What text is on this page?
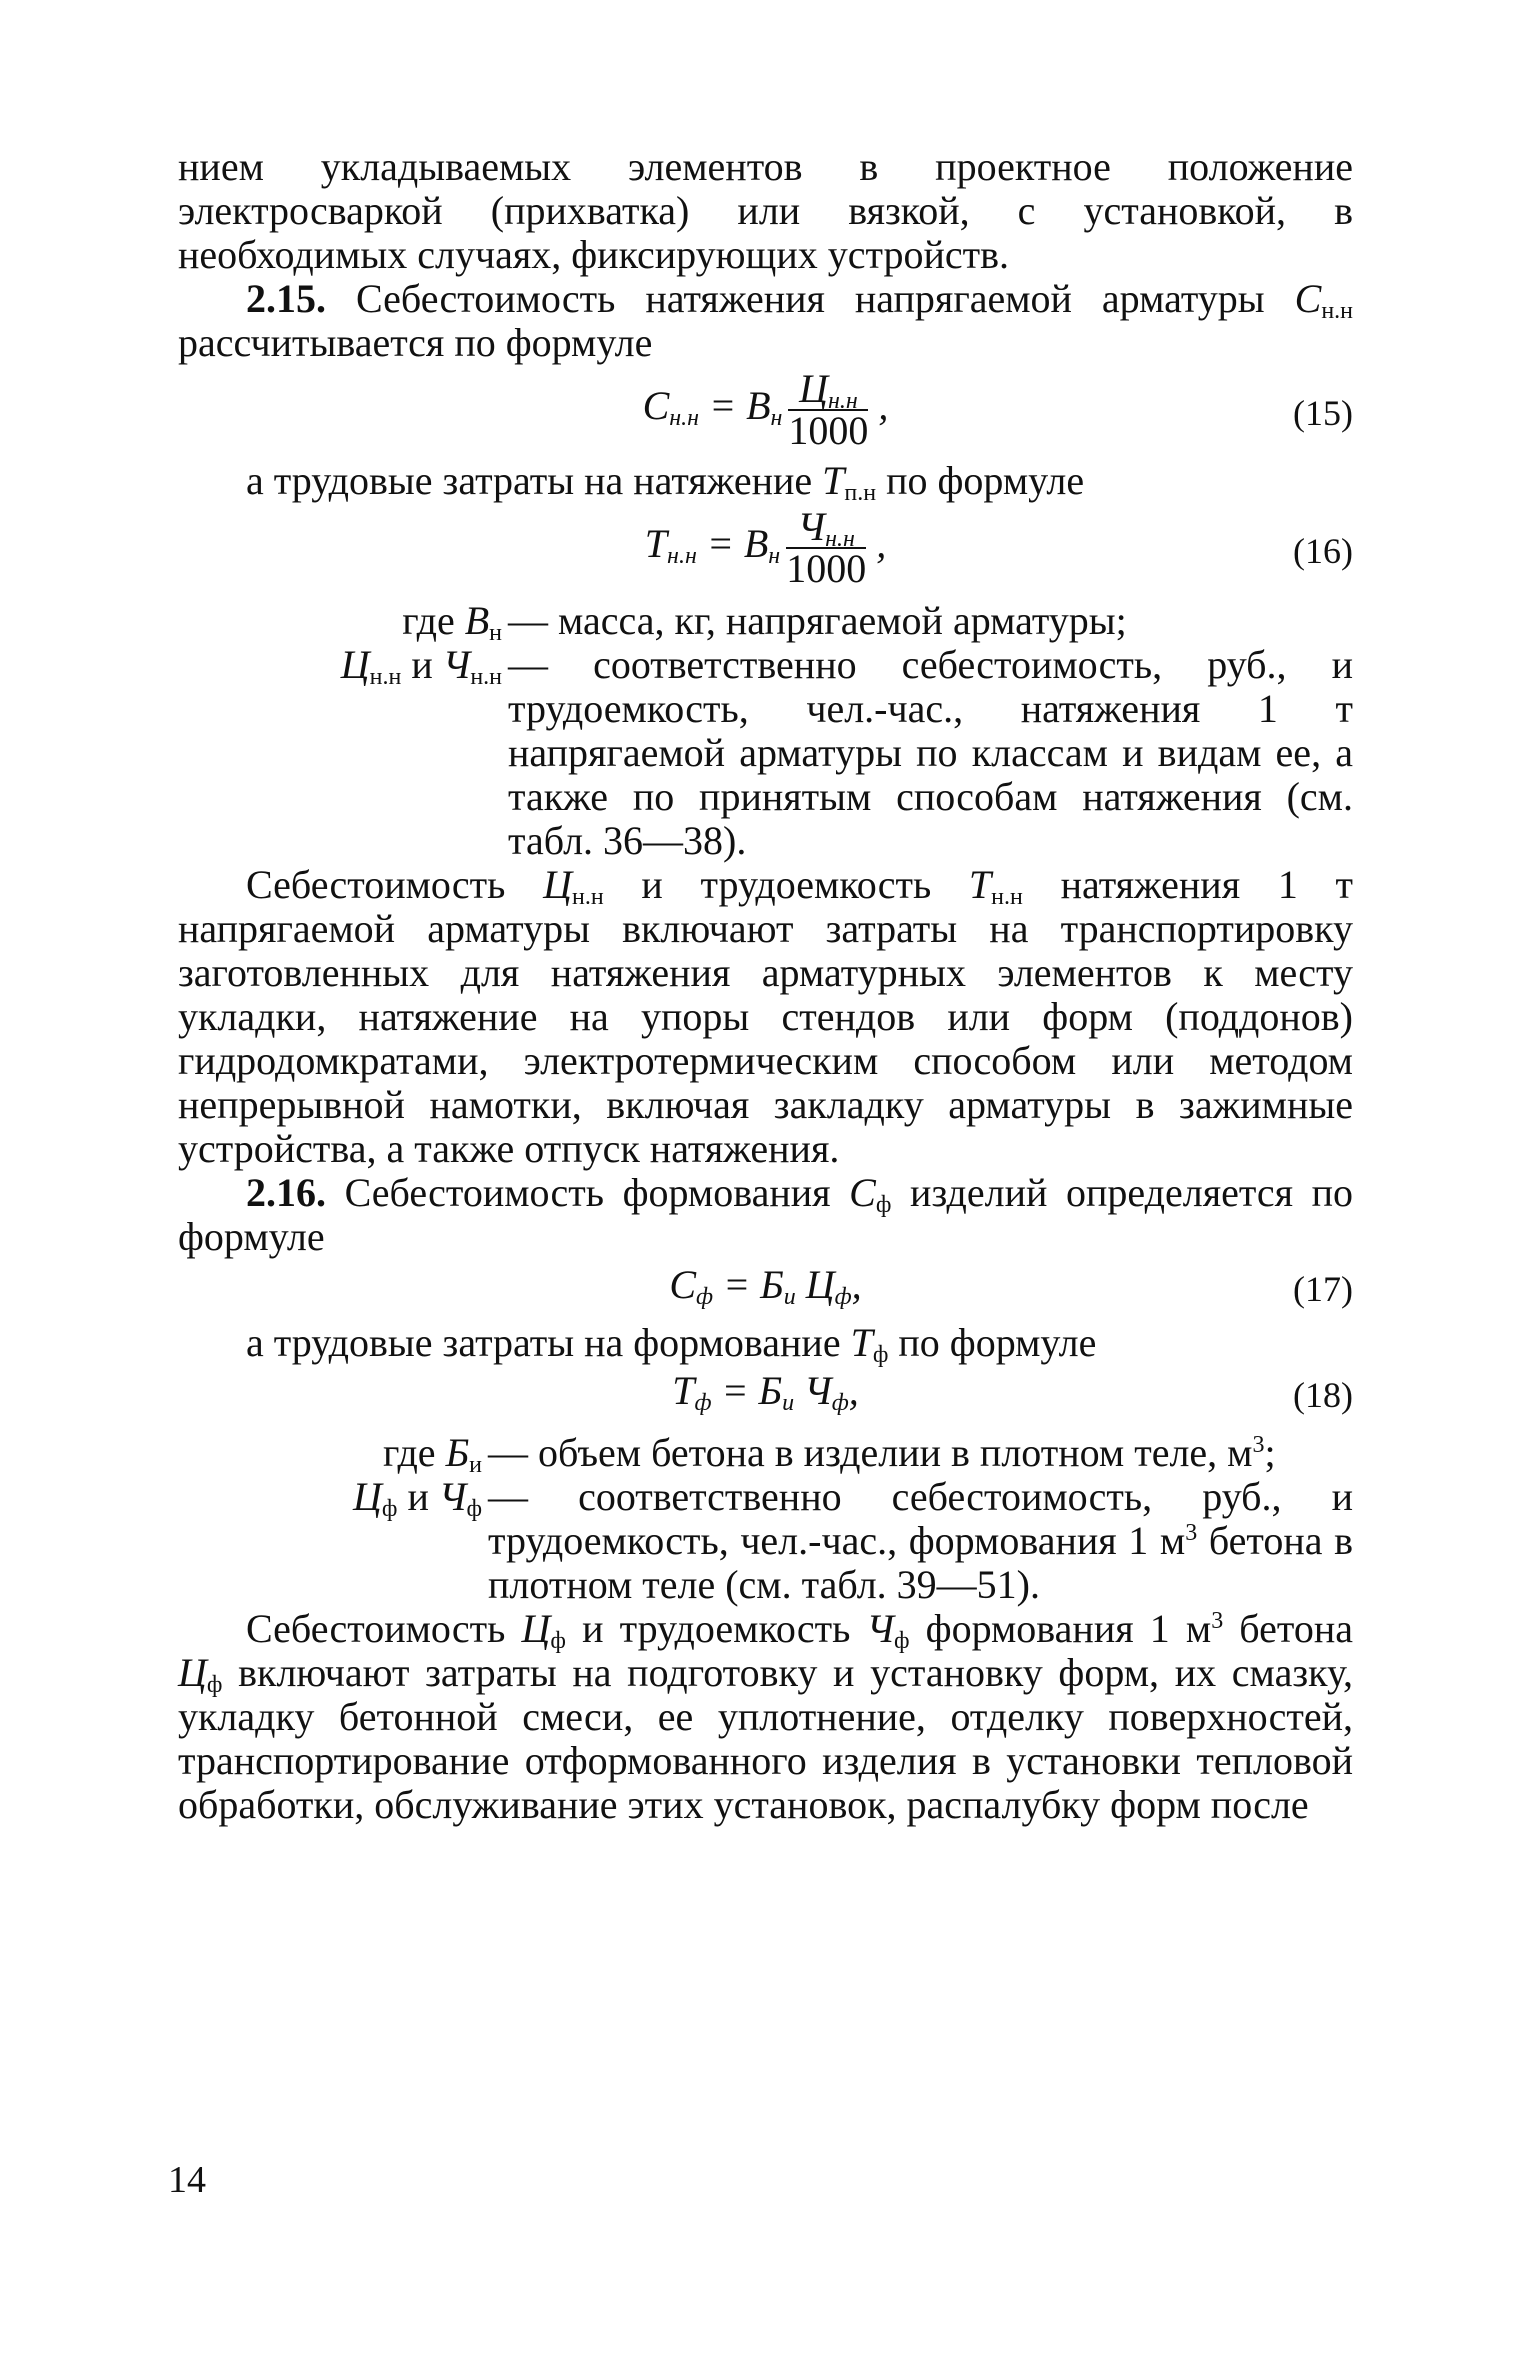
нием укладываемых элементов в проектное положение электросваркой (прихватка) или вязкой, с установкой, в необходимых случаях, фиксирующих устройств.

2.15. Себестоимость натяжения напрягаемой арматуры $С_{н.н}$ рассчитывается по формуле

$С_{н.н} = В_н \frac{Ц_{н.н}}{1000}$ ,	(15)

а трудовые затраты на натяжение $Т_{п.н}$ по формуле

$Т_{н.н} = В_н \frac{Ч_{н.н}}{1000}$ ,	(16)
где $В_н$ — масса, кг, напрягаемой арматуры;
$Ц_{н.н}$ и $Ч_{н.н}$ — соответственно себестоимость, руб., и трудоемкость, чел.-час., натяжения 1 т напрягаемой арматуры по классам и видам ее, а также по принятым способам натяжения (см. табл. 36—38).

Себестоимость $Ц_{н.н}$ и трудоемкость $Т_{н.н}$ натяжения 1 т напрягаемой арматуры включают затраты на транспортировку заготовленных для натяжения арматурных элементов к месту укладки, натяжение на упоры стендов или форм (поддонов) гидродомкратами, электротермическим способом или методом непрерывной намотки, включая закладку арматуры в зажимные устройства, а также отпуск натяжения.

2.16. Себестоимость формования $С_ф$ изделий определяется по формуле

$С_ф = Б_и$ $Ц_ф$,	(17)

а трудовые затраты на формование $Т_ф$ по формуле

$Т_ф = Б_и$ $Ч_ф$,	(18)
где $Б_и$ — объем бетона в изделии в плотном теле, $м^3$;
$Ц_ф$ и $Ч_ф$ — соответственно себестоимость, руб., и трудоемкость, чел.-час., формования 1 $м^3$ бетона в плотном теле (см. табл. 39—51).

Себестоимость $Ц_ф$ и трудоемкость $Ч_ф$ формования 1 $м^3$ бетона $Ц_ф$ включают затраты на подготовку и установку форм, их смазку, укладку бетонной смеси, ее уплотнение, отделку поверхностей, транспортирование отформованного изделия в установки тепловой обработки, обслуживание этих установок, распалубку форм после

14
